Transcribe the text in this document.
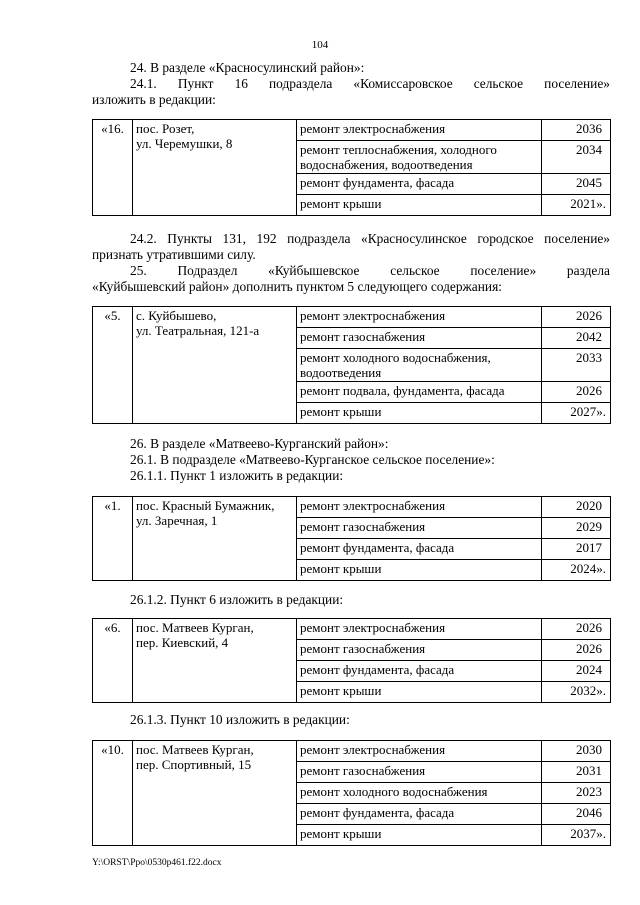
104
24. В разделе «Красносулинский район»:
24.1. Пункт 16 подраздела «Комиссаровское сельское поселение»
изложить в редакции:
«16.	пос. Розет,
ул. Черемушки, 8	ремонт электроснабжения	2036
		ремонт теплоснабжения, холодного водоснабжения, водоотведения	2034
		ремонт фундамента, фасада	2045
		ремонт крыши	2021».
24.2. Пункты 131, 192 подраздела «Красносулинское городское поселение»
признать утратившими силу.
25. Подраздел «Куйбышевское сельское поселение» раздела
«Куйбышевский район» дополнить пунктом 5 следующего содержания:
«5.	с. Куйбышево,
ул. Театральная, 121-а	ремонт электроснабжения	2026
		ремонт газоснабжения	2042
		ремонт холодного водоснабжения, водоотведения	2033
		ремонт подвала, фундамента, фасада	2026
		ремонт крыши	2027».
26. В разделе «Матвеево-Курганский район»:
26.1. В подразделе «Матвеево-Курганское сельское поселение»:
26.1.1. Пункт 1 изложить в редакции:
«1.	пос. Красный Бумажник,
ул. Заречная, 1	ремонт электроснабжения	2020
		ремонт газоснабжения	2029
		ремонт фундамента, фасада	2017
		ремонт крыши	2024».
26.1.2. Пункт 6 изложить в редакции:
«6.	пос. Матвеев Курган,
пер. Киевский, 4	ремонт электроснабжения	2026
		ремонт газоснабжения	2026
		ремонт фундамента, фасада	2024
		ремонт крыши	2032».
26.1.3. Пункт 10 изложить в редакции:
«10.	пос. Матвеев Курган,
пер. Спортивный, 15	ремонт электроснабжения	2030
		ремонт газоснабжения	2031
		ремонт холодного водоснабжения	2023
		ремонт фундамента, фасада	2046
		ремонт крыши	2037».
Y:\ORST\Ppo\0530p461.f22.docx
